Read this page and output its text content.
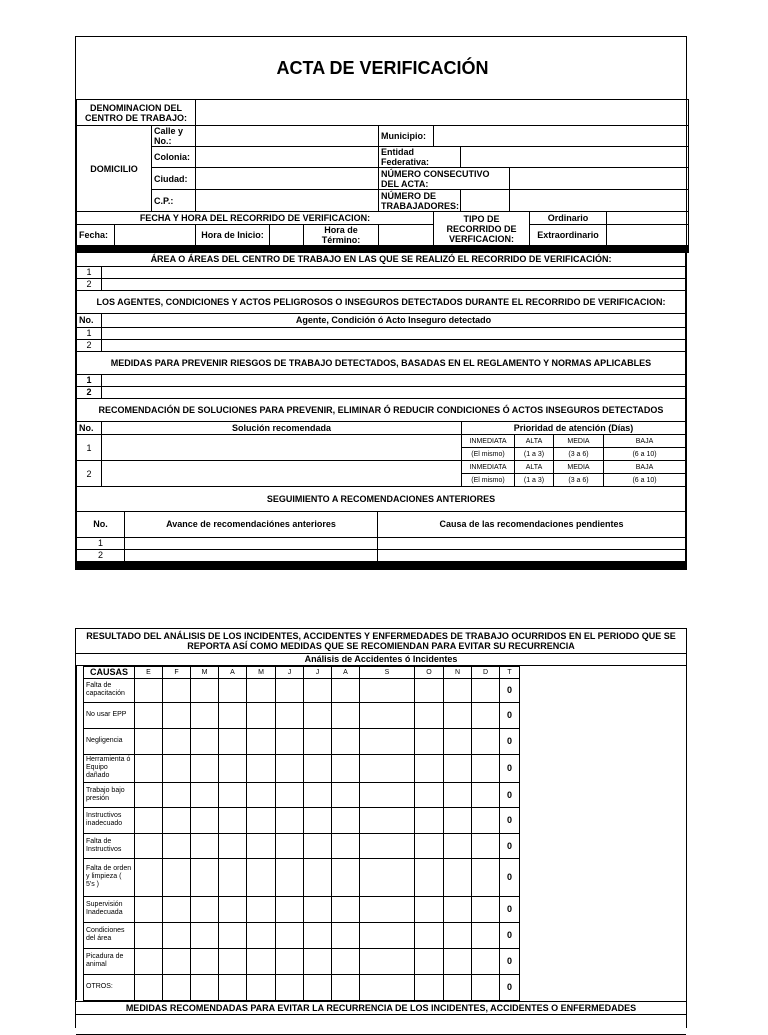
ACTA DE VERIFICACIÓN											
DENOMINACION DEL CENTRO DE TRABAJO:											
DOMICILIO		Calle y No.:				Municipio:					
		Colonia:				Entidad Federativa:					
		Ciudad:				NÚMERO CONSECUTIVO DEL ACTA:					
		C.P.:				NÚMERO DE TRABAJADORES:					
FECHA Y HORA DEL RECORRIDO DE VERIFICACION:							TIPO DE RECORRIDO DE VERFICACION:			Ordinario	
Fecha:			Hora de Inicio:		Hora de Término:					Extraordinario	

ÁREA O ÁREAS DEL CENTRO DE TRABAJO EN LAS QUE SE REALIZÓ EL RECORRIDO DE VERIFICACIÓN:	
1	
2	
LOS AGENTES, CONDICIONES Y ACTOS PELIGROSOS O INSEGUROS DETECTADOS DURANTE EL RECORRIDO DE VERIFICACION:	
No.	Agente, Condición ó Acto Inseguro detectado
1	
2	
MEDIDAS PARA PREVENIR RIESGOS DE TRABAJO DETECTADOS, BASADAS EN EL REGLAMENTO Y NORMAS APLICABLES	
1	
2	
RECOMENDACIÓN DE SOLUCIONES PARA PREVENIR, ELIMINAR Ó REDUCIR CONDICIONES Ó ACTOS INSEGUROS DETECTADOS	
No.	Solución recomendada	Prioridad de atención (Días)			
1		INMEDIATA	ALTA	MEDIA	BAJA
		(El mismo)	(1 a 3)	(3 a 6)	(6 a 10)
2		INMEDIATA	ALTA	MEDIA	BAJA
		(El mismo)	(1 a 3)	(3 a 6)	(6 a 10)
SEGUIMIENTO A RECOMENDACIONES ANTERIORES		
No.	Avance de recomendaciónes anteriores	Causa de las recomendaciones pendientes
1		
2		

RESULTADO DEL ANÁLISIS DE LOS INCIDENTES, ACCIDENTES Y ENFERMEDADES DE TRABAJO OCURRIDOS EN EL PERIODO QUE SE REPORTA ASÍ COMO MEDIDAS QUE SE RECOMIENDAN PARA EVITAR SU RECURRENCIA
Análisis de Accidentes ó Incidentes
	CAUSAS	E	F	M	A	M	J	J	A	S	O	N	D	T	
	Falta de capacitación													0	
	No usar EPP													0	
	Negligencia													0	
	Herramienta ó Equipo dañado													0	
	Trabajo bajo presión													0	
	Instructivos inadecuado													0	
	Falta de Instructivos													0	
	Falta de orden y limpieza ( 5's )													0	
	Supervisión Inadecuada													0	
	Condiciones del área													0	
	Picadura de animal													0	
	OTROS:													0	
MEDIDAS RECOMENDADAS PARA EVITAR LA RECURRENCIA DE LOS INCIDENTES, ACCIDENTES O ENFERMEDADES
